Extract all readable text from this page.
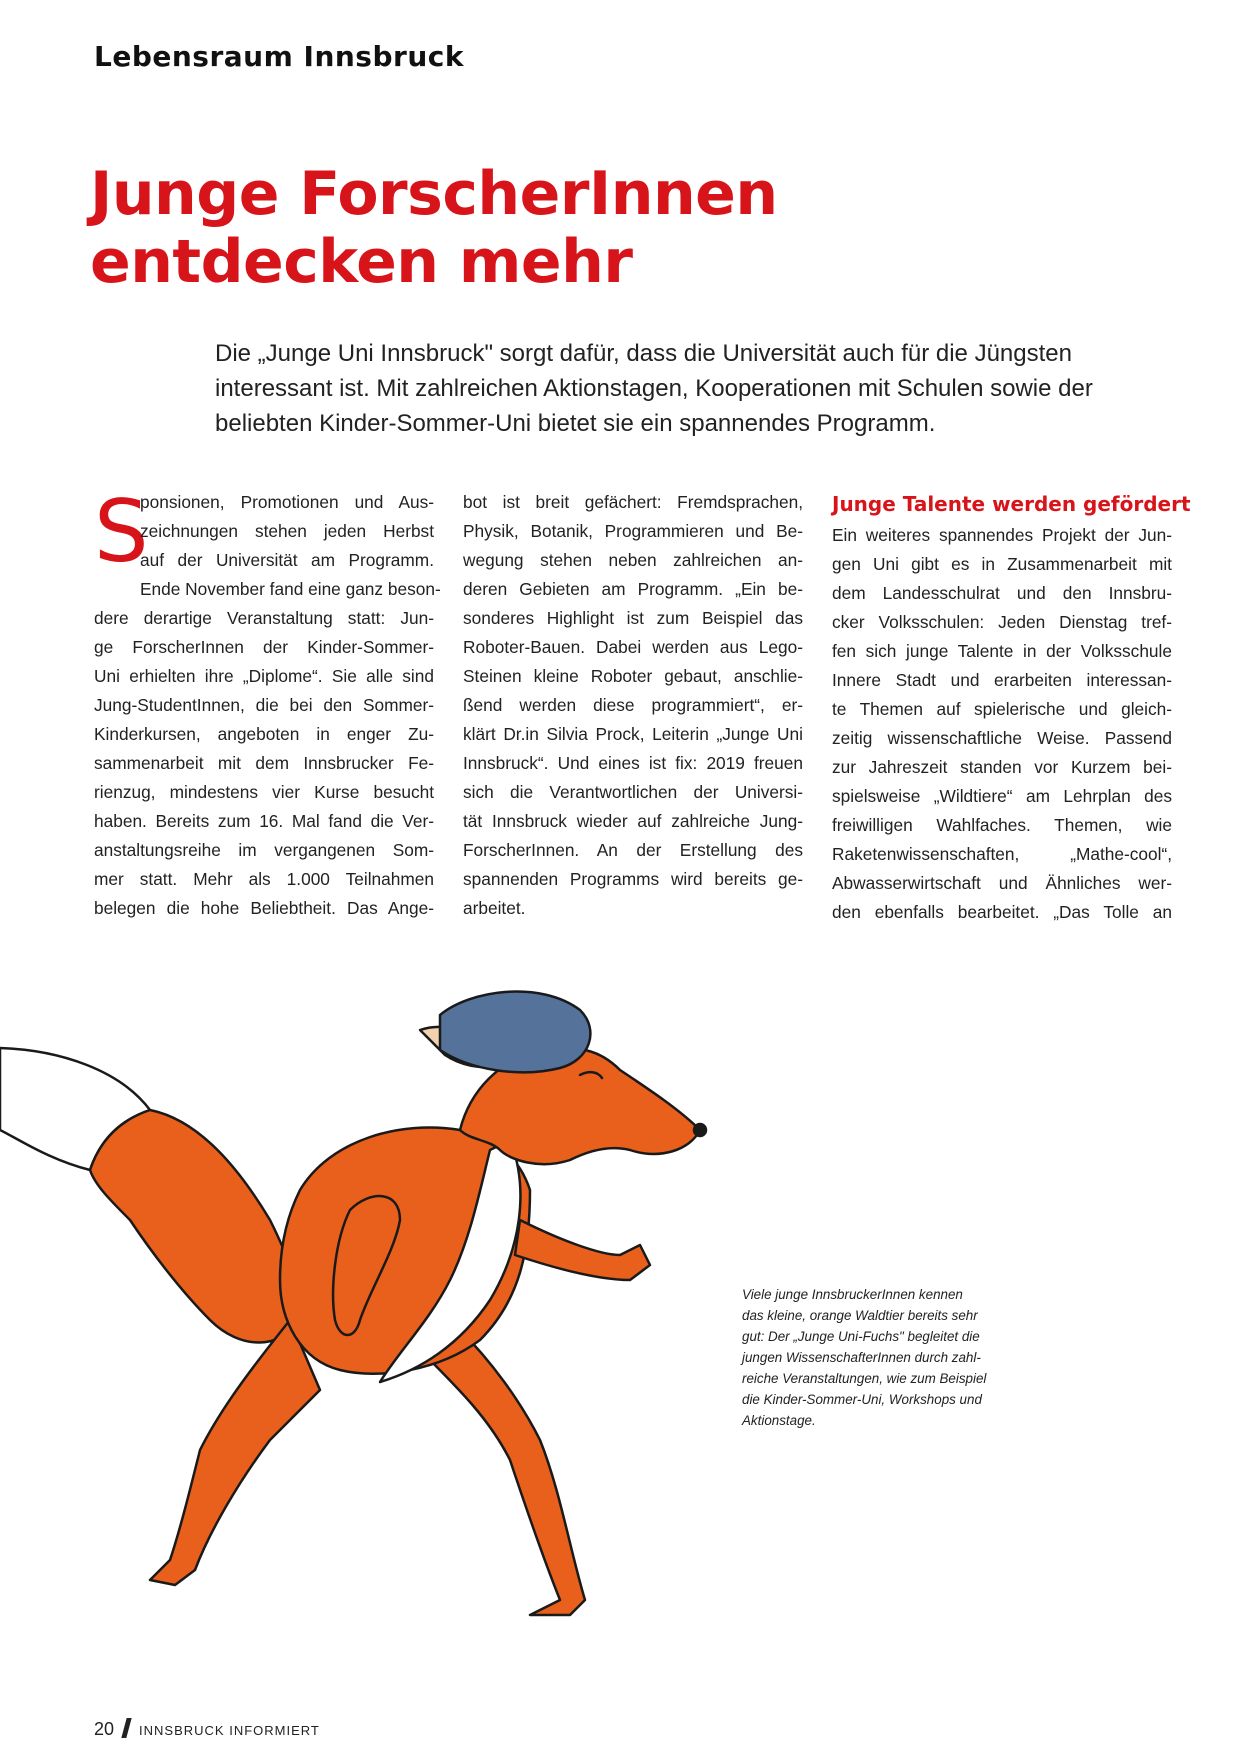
Lebensraum Innsbruck
Junge ForscherInnen
entdecken mehr
Die „Junge Uni Innsbruck" sorgt dafür, dass die Universität auch für die Jüngsten
interessant ist. Mit zahlreichen Aktionstagen, Kooperationen mit Schulen sowie der
beliebten Kinder-Sommer-Uni bietet sie ein spannendes Programm.
S
ponsionen, Promotionen und Aus-
zeichnungen stehen jeden Herbst
auf der Universität am Programm.
Ende November fand eine ganz beson-
dere derartige Veranstaltung statt: Jun-
ge ForscherInnen der Kinder-Sommer-
Uni erhielten ihre „Diplome“. Sie alle sind
Jung-StudentInnen, die bei den Sommer-
Kinderkursen, angeboten in enger Zu-
sammenarbeit mit dem Innsbrucker Fe-
rienzug, mindestens vier Kurse besucht
haben. Bereits zum 16. Mal fand die Ver-
anstaltungsreihe im vergangenen Som-
mer statt. Mehr als 1.000 Teilnahmen
belegen die hohe Beliebtheit. Das Ange-
bot ist breit gefächert: Fremdsprachen,
Physik, Botanik, Programmieren und Be-
wegung stehen neben zahlreichen an-
deren Gebieten am Programm. „Ein be-
sonderes Highlight ist zum Beispiel das
Roboter-Bauen. Dabei werden aus Lego-
Steinen kleine Roboter gebaut, anschlie-
ßend werden diese programmiert“, er-
klärt Dr.in Silvia Prock, Leiterin „Junge Uni
Innsbruck“. Und eines ist fix: 2019 freuen
sich die Verantwortlichen der Universi-
tät Innsbruck wieder auf zahlreiche Jung-
ForscherInnen. An der Erstellung des
spannenden Programms wird bereits ge-
arbeitet.
Junge Talente werden gefördert
Ein weiteres spannendes Projekt der Jun-
gen Uni gibt es in Zusammenarbeit mit
dem Landesschulrat und den Innsbru-
cker Volksschulen: Jeden Dienstag tref-
fen sich junge Talente in der Volksschule
Innere Stadt und erarbeiten interessan-
te Themen auf spielerische und gleich-
zeitig wissenschaftliche Weise. Passend
zur Jahreszeit standen vor Kurzem bei-
spielsweise „Wildtiere“ am Lehrplan des
freiwilligen Wahlfaches. Themen, wie
Raketenwissenschaften, „Mathe-cool“,
Abwasserwirtschaft und Ähnliches wer-
den ebenfalls bearbeitet. „Das Tolle an
Viele junge InnsbruckerInnen kennen
das kleine, orange Waldtier bereits sehr
gut: Der „Junge Uni-Fuchs" begleitet die
jungen WissenschafterInnen durch zahl-
reiche Veranstaltungen, wie zum Beispiel
die Kinder-Sommer-Uni, Workshops und
Aktionstage.
20 INNSBRUCK INFORMIERT
